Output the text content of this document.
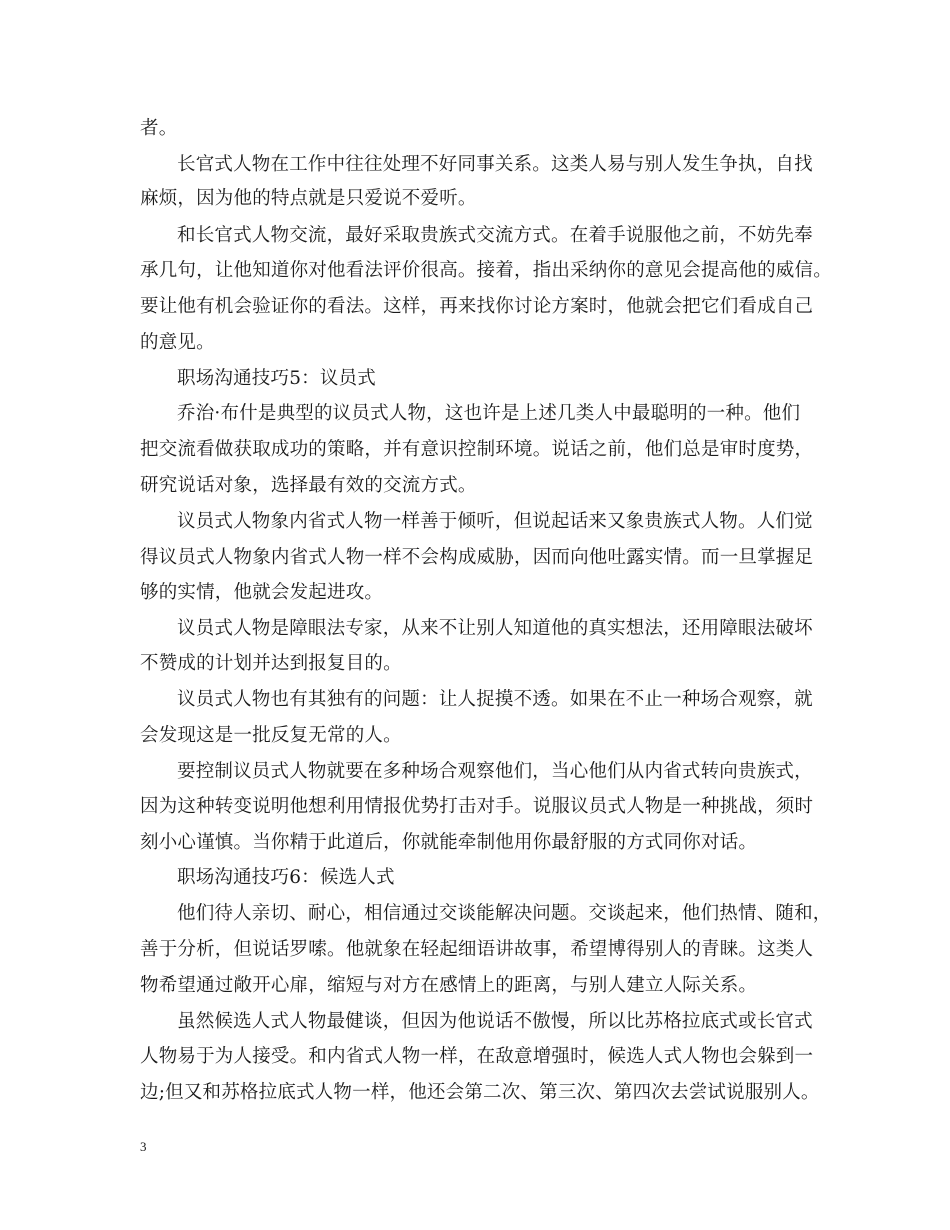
者。
长官式人物在工作中往往处理不好同事关系。这类人易与别人发生争执，自找
麻烦，因为他的特点就是只爱说不爱听。
和长官式人物交流，最好采取贵族式交流方式。在着手说服他之前，不妨先奉
承几句，让他知道你对他看法评价很高。接着，指出采纳你的意见会提高他的威信。
要让他有机会验证你的看法。这样，再来找你讨论方案时，他就会把它们看成自己
的意见。
职场沟通技巧5：议员式
乔治·布什是典型的议员式人物，这也许是上述几类人中最聪明的一种。他们
把交流看做获取成功的策略，并有意识控制环境。说话之前，他们总是审时度势，
研究说话对象，选择最有效的交流方式。
议员式人物象内省式人物一样善于倾听，但说起话来又象贵族式人物。人们觉
得议员式人物象内省式人物一样不会构成威胁，因而向他吐露实情。而一旦掌握足
够的实情，他就会发起进攻。
议员式人物是障眼法专家，从来不让别人知道他的真实想法，还用障眼法破坏
不赞成的计划并达到报复目的。
议员式人物也有其独有的问题：让人捉摸不透。如果在不止一种场合观察，就
会发现这是一批反复无常的人。
要控制议员式人物就要在多种场合观察他们，当心他们从内省式转向贵族式，
因为这种转变说明他想利用情报优势打击对手。说服议员式人物是一种挑战，须时
刻小心谨慎。当你精于此道后，你就能牵制他用你最舒服的方式同你对话。
职场沟通技巧6：候选人式
他们待人亲切、耐心，相信通过交谈能解决问题。交谈起来，他们热情、随和，
善于分析，但说话罗嗦。他就象在轻起细语讲故事，希望博得别人的青睐。这类人
物希望通过敞开心扉，缩短与对方在感情上的距离，与别人建立人际关系。
虽然候选人式人物最健谈，但因为他说话不傲慢，所以比苏格拉底式或长官式
人物易于为人接受。和内省式人物一样，在敌意增强时，候选人式人物也会躲到一
边;但又和苏格拉底式人物一样，他还会第二次、第三次、第四次去尝试说服别人。
3
